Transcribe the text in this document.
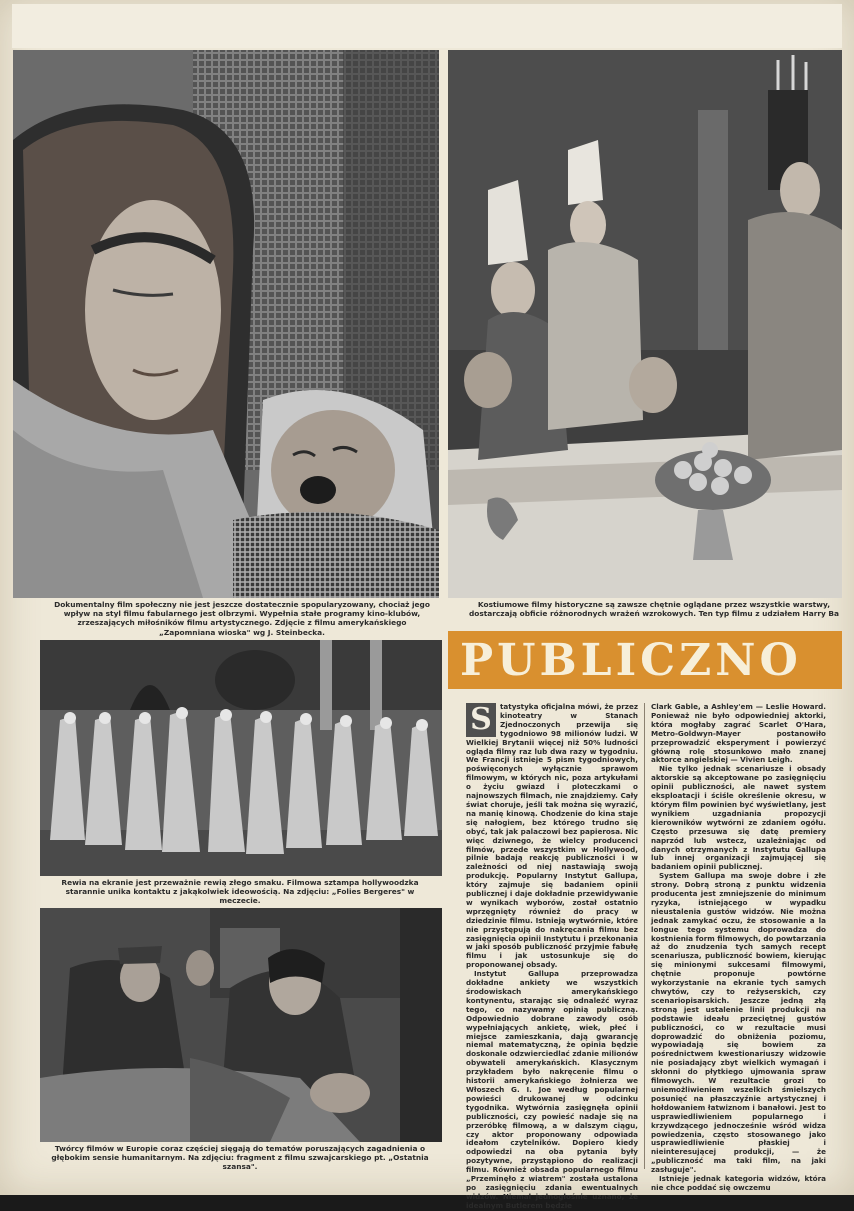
Dokumentalny film społeczny nie jest jeszcze dostatecznie spopularyzowany, chociaż jego wpływ na styl filmu fabularnego jest olbrzymi. Wypełnia stałe programy kino-klubów, zrzeszających miłośników filmu artystycznego. Zdjęcie z filmu amerykańskiego „Zapomniana wioska" wg J. Steinbecka.
Kostiumowe filmy historyczne są zawsze chętnie oglądane przez wszystkie warstwy, dostarczają obficie różnorodnych wrażeń wzrokowych. Ten typ filmu z udziałem Harry Ba
Rewia na ekranie jest przeważnie rewią złego smaku. Filmowa sztampa hollywoodzka starannie unika kontaktu z jakąkolwiek ideowością. Na zdjęciu: „Folies Bergeres" w meczecie.
Twórcy filmów w Europie coraz częściej sięgają do tematów poruszających zagadnienia o głębokim sensie humanitarnym. Na zdjęciu: fragment z filmu szwajcarskiego pt. „Ostatnia szansa".
PUBLICZNO
S	tatystyka oficjalna mówi, że przez kinoteatry w Stanach Zjednoczonych przewija się tygodniowo 98 milionów ludzi. W Wielkiej Brytanii więcej niż 50% ludności ogląda filmy raz lub dwa razy w tygodniu. We Francji istnieje 5 pism tygodniowych, poświęconych wyłącznie sprawom filmowym, w których nic, poza artykułami o życiu gwiazd i ploteczkami o najnowszych filmach, nie znajdziemy. Cały świat choruje, jeśli tak można się wyrazić, na manię kinową. Chodzenie do kina staje się nałogiem, bez którego trudno się obyć, tak jak palaczowi bez papierosa. Nic więc dziwnego, że wielcy producenci filmów, przede wszystkim w Hollywood, pilnie badają reakcję publiczności i w zależności od niej nastawiają swoją produkcję. Popularny Instytut Gallupa, który zajmuje się badaniem opinii publicznej i daje dokładnie przewidywanie w wynikach wyborów, został ostatnio wprzęgnięty również do pracy w dziedzinie filmu. Istnieją wytwórnie, które nie przystępują do nakręcania filmu bez zasięgnięcia opinii Instytutu i przekonania w jaki sposób publiczność przyjmie fabułę filmu i jak ustosunkuje się do proponowanej obsady.

Instytut Gallupa przeprowadza dokładne ankiety we wszystkich środowiskach amerykańskiego kontynentu, starając się odnaleźć wyraz tego, co nazywamy opinią publiczną. Odpowiednio dobrane zawody osób wypełniających ankietę, wiek, płeć i miejsce zamieszkania, dają gwarancję niemal matematyczną, że opinia będzie doskonale odzwierciedlać zdanie milionów obywateli amerykańskich. Klasycznym przykładem było nakręcenie filmu o historii amerykańskiego żołnierza we Włoszech G. I. Joe według popularnej powieści drukowanej w odcinku tygodnika. Wytwórnia zasięgnęła opinii publiczności, czy powieść nadaje się na przeróbkę filmową, a w dalszym ciągu, czy aktor proponowany odpowiada ideałom czytelników. Dopiero kiedy odpowiedzi na oba pytania były pozytywne, przystąpiono do realizacji filmu. Również obsada popularnego filmu „Przeminęło z wiatrem" została ustalona po zasięgnięciu zdania ewentualnych widzów. Niemal jednogłośnie uznano, że idealnym Butlerem będzie

Clark Gable, a Ashley'em — Leslie Howard. Ponieważ nie było odpowiedniej aktorki, która mogłaby zagrać Scarlet O'Hara, Metro-Goldwyn-Mayer postanowiło przeprowadzić eksperyment i powierzyć główną rolę stosunkowo mało znanej aktorce angielskiej — Vivien Leigh.

Nie tylko jednak scenariusze i obsady aktorskie są akceptowane po zasięgnięciu opinii publiczności, ale nawet system eksploatacji i ściśle określenie okresu, w którym film powinien być wyświetlany, jest wynikiem uzgadniania propozycji kierowników wytwórni ze zdaniem ogółu. Często przesuwa się datę premiery naprzód lub wstecz, uzależniając od danych otrzymanych z Instytutu Gallupa lub innej organizacji zajmującej się badaniem opinii publicznej.

System Gallupa ma swoje dobre i złe strony. Dobrą stroną z punktu widzenia producenta jest zmniejszenie do minimum ryzyka, istniejącego w wypadku nieustalenia gustów widzów. Nie można jednak zamykać oczu, że stosowanie a la longue tego systemu doprowadza do kostnienia form filmowych, do powtarzania aż do znudzenia tych samych recept scenariusza, publiczność bowiem, kierując się minionymi sukcesami filmowymi, chętnie proponuje powtórne wykorzystanie na ekranie tych samych chwytów, czy to reżyserskich, czy scenariopisarskich. Jeszcze jedną złą stroną jest ustalenie linii produkcji na podstawie ideału przeciętnej gustów publiczności, co w rezultacie musi doprowadzić do obniżenia poziomu, wypowiadają się bowiem za pośrednictwem kwestionariuszy widzowie nie posiadający zbyt wielkich wymagań i skłonni do płytkiego ujmowania spraw filmowych. W rezultacie grozi to uniemożliwieniem wszelkich śmielszych posunięć na płaszczyźnie artystycznej i hołdowaniem łatwiznom i banałowi. Jest to usprawiedliwieniem popularnego i krzywdzącego jednocześnie wśród widza powiedzenia, często stosowanego jako usprawiedliwienie płaskiej i nieinteresującej produkcji, — że „publiczność ma taki film, na jaki zasługuje".

Istnieje jednak kategoria widzów, która nie chce poddać się owczemu
